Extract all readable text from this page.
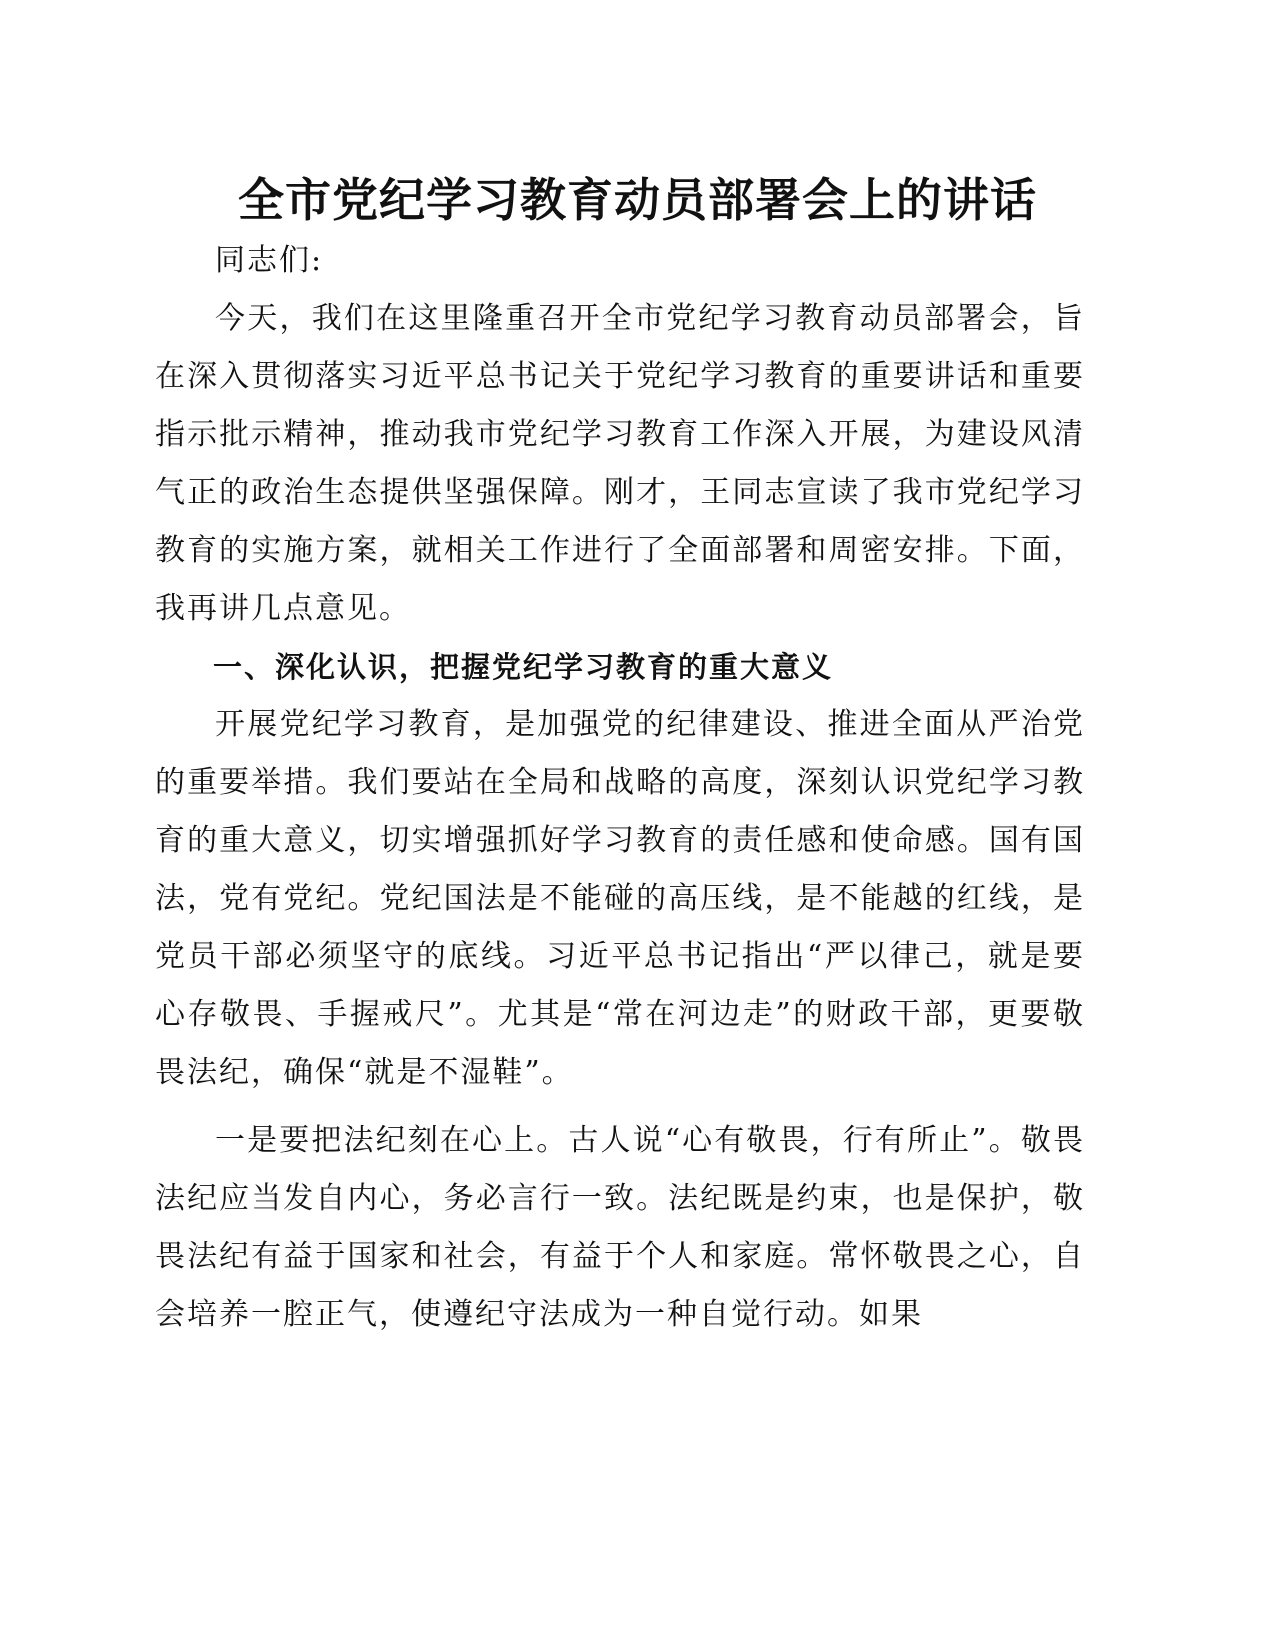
全市党纪学习教育动员部署会上的讲话

同志们:

今天，我们在这里隆重召开全市党纪学习教育动员部署会，旨在深入贯彻落实习近平总书记关于党纪学习教育的重要讲话和重要指示批示精神，推动我市党纪学习教育工作深入开展，为建设风清气正的政治生态提供坚强保障。刚才，王同志宣读了我市党纪学习教育的实施方案，就相关工作进行了全面部署和周密安排。下面，我再讲几点意见。

一、深化认识，把握党纪学习教育的重大意义

开展党纪学习教育，是加强党的纪律建设、推进全面从严治党的重要举措。我们要站在全局和战略的高度，深刻认识党纪学习教育的重大意义，切实增强抓好学习教育的责任感和使命感。国有国法，党有党纪。党纪国法是不能碰的高压线，是不能越的红线，是党员干部必须坚守的底线。习近平总书记指出“严以律己，就是要心存敬畏、手握戒尺”。尤其是“常在河边走”的财政干部，更要敬畏法纪，确保“就是不湿鞋”。

一是要把法纪刻在心上。古人说“心有敬畏，行有所止”。敬畏法纪应当发自内心，务必言行一致。法纪既是约束，也是保护，敬畏法纪有益于国家和社会，有益于个人和家庭。常怀敬畏之心，自会培养一腔正气，使遵纪守法成为一种自觉行动。如果
